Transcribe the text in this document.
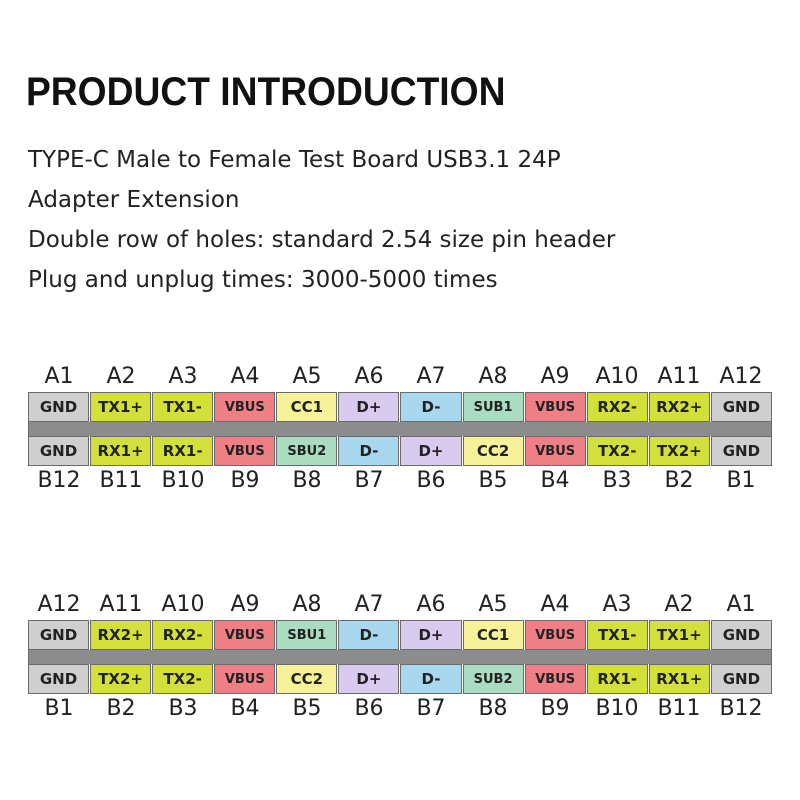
PRODUCT INTRODUCTION
TYPE-C Male to Female Test Board USB3.1 24P
Adapter Extension
Double row of holes: standard 2.54 size pin header
Plug and unplug times: 3000-5000 times
A1	A2	A3	A4	A5	A6	A7	A8	A9	A10 A11 A12
GND	TX1+	TX1-	VBUS	CC1	D+	D-	SUB1	VBUS	RX2-	RX2+	GND
GND	RX1+	RX1-	VBUS	SBU2	D-	D+	CC2	VBUS	TX2-	TX2+	GND
B12 B11 B10	B9	B8	B7	B6	B5	B4	B3	B2	B1
A12 A11 A10	A9	A8	A7	A6	A5	A4	A3	A2	A1
GND	RX2+	RX2-	VBUS	SBU1	D-	D+	CC1	VBUS	TX1-	TX1+	GND
GND	TX2+	TX2-	VBUS	CC2	D+	D-	SUB2	VBUS	RX1-	RX1+	GND
B1	B2	B3	B4	B5	B6	B7	B8	B9	B10 B11 B12
